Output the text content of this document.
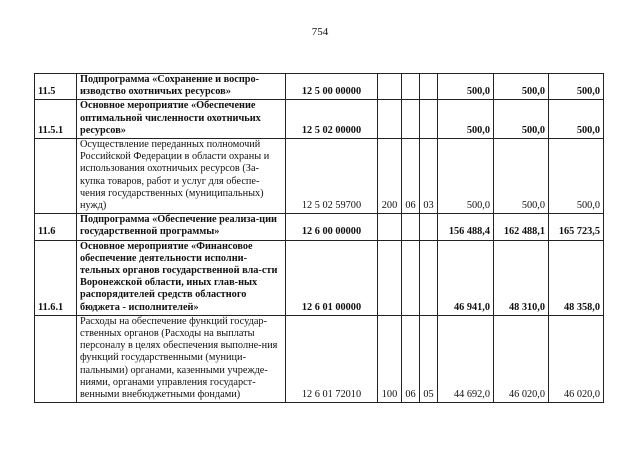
754
11.5	Подпрограмма «Сохранение и воспро-изводство охотничьих ресурсов»	12 5 00 00000				500,0	500,0	500,0
11.5.1	Основное мероприятие «Обеспечение оптимальной численности охотничьих ресурсов»	12 5 02 00000				500,0	500,0	500,0
	Осуществление переданных полномочий Российской Федерации в области охраны и использования охотничьих ресурсов (За-купка товаров, работ и услуг для обеспе-чения государственных (муниципальных) нужд)	12 5 02 59700	200	06	03	500,0	500,0	500,0
11.6	Подпрограмма «Обеспечение реализа-ции государственной программы»	12 6 00 00000				156 488,4	162 488,1	165 723,5
11.6.1	Основное мероприятие «Финансовое обеспечение деятельности исполни-тельных органов государственной вла-сти Воронежской области, иных глав-ных распорядителей средств областного бюджета - исполнителей»	12 6 01 00000				46 941,0	48 310,0	48 358,0
	Расходы на обеспечение функций государ-ственных органов (Расходы на выплаты персоналу в целях обеспечения выполне-ния функций государственными (муници-пальными) органами, казенными учрежде-ниями, органами управления государст-венными внебюджетными фондами)	12 6 01 72010	100	06	05	44 692,0	46 020,0	46 020,0
